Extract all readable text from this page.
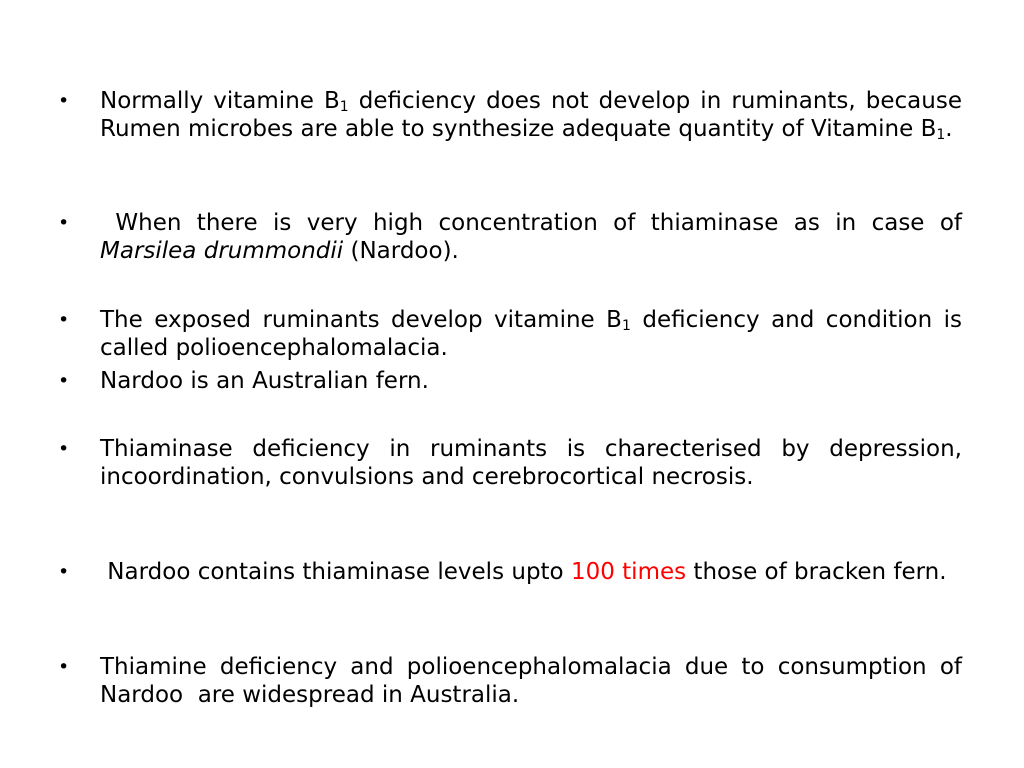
• Normally vitamine $B_1$ deficiency does not develop in ruminants, because Rumen microbes are able to synthesize adequate quantity of Vitamine $B_1$.

• When there is very high concentration of thiaminase as in case of Marsilea drummondii (Nardoo).

• The exposed ruminants develop vitamine $B_1$ deficiency and condition is called polioencephalomalacia.

• Nardoo is an Australian fern.

• Thiaminase deficiency in ruminants is charecterised by depression, incoordination, convulsions and cerebrocortical necrosis.

• Nardoo contains thiaminase levels upto 100 times those of bracken fern.

• Thiamine deficiency and polioencephalomalacia due to consumption of Nardoo  are widespread in Australia.
